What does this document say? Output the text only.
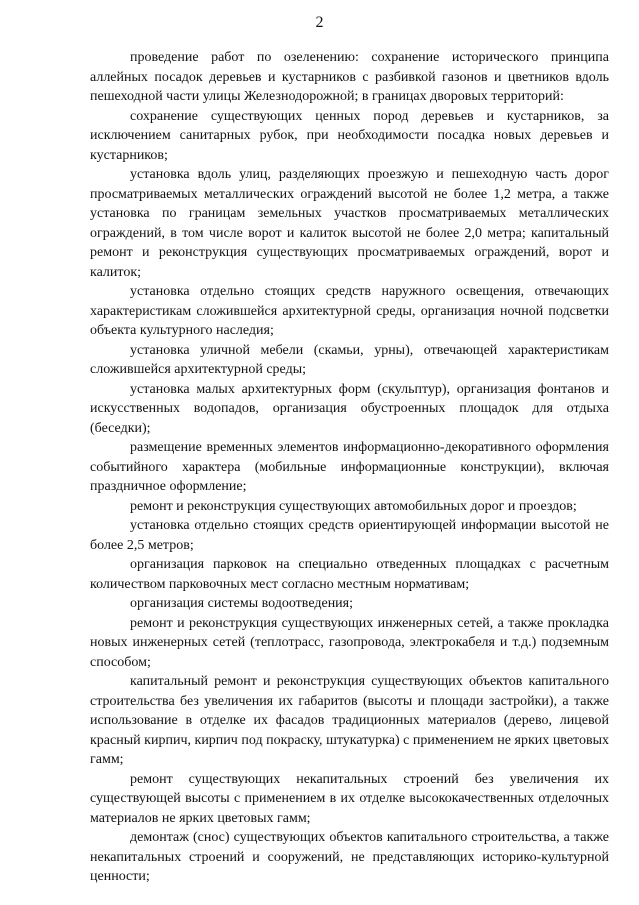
2

проведение работ по озеленению: сохранение исторического принципа аллейных посадок деревьев и кустарников с разбивкой газонов и цветников вдоль пешеходной части улицы Железнодорожной; в границах дворовых территорий:

сохранение существующих ценных пород деревьев и кустарников, за исключением санитарных рубок, при необходимости посадка новых деревьев и кустарников;

установка вдоль улиц, разделяющих проезжую и пешеходную часть дорог просматриваемых металлических ограждений высотой не более 1,2 метра, а также установка по границам земельных участков просматриваемых металлических ограждений, в том числе ворот и калиток высотой не более 2,0 метра; капитальный ремонт и реконструкция существующих просматриваемых ограждений, ворот и калиток;

установка отдельно стоящих средств наружного освещения, отвечающих характеристикам сложившейся архитектурной среды, организация ночной подсветки объекта культурного наследия;

установка уличной мебели (скамьи, урны), отвечающей характеристикам сложившейся архитектурной среды;

установка малых архитектурных форм (скульптур), организация фонтанов и искусственных водопадов, организация обустроенных площадок для отдыха (беседки);

размещение временных элементов информационно-декоративного оформления событийного характера (мобильные информационные конструкции), включая праздничное оформление;

ремонт и реконструкция существующих автомобильных дорог и проездов;

установка отдельно стоящих средств ориентирующей информации высотой не более 2,5 метров;

организация парковок на специально отведенных площадках с расчетным количеством парковочных мест согласно местным нормативам;

организация системы водоотведения;

ремонт и реконструкция существующих инженерных сетей, а также прокладка новых инженерных сетей (теплотрасс, газопровода, электрокабеля и т.д.) подземным способом;

капитальный ремонт и реконструкция существующих объектов капитального строительства без увеличения их габаритов (высоты и площади застройки), а также использование в отделке их фасадов традиционных материалов (дерево, лицевой красный кирпич, кирпич под покраску, штукатурка) с применением не ярких цветовых гамм;

ремонт существующих некапитальных строений без увеличения их существующей высоты с применением в их отделке высококачественных отделочных материалов не ярких цветовых гамм;

демонтаж (снос) существующих объектов капитального строительства, а также некапитальных строений и сооружений, не представляющих историко-культурной ценности;
